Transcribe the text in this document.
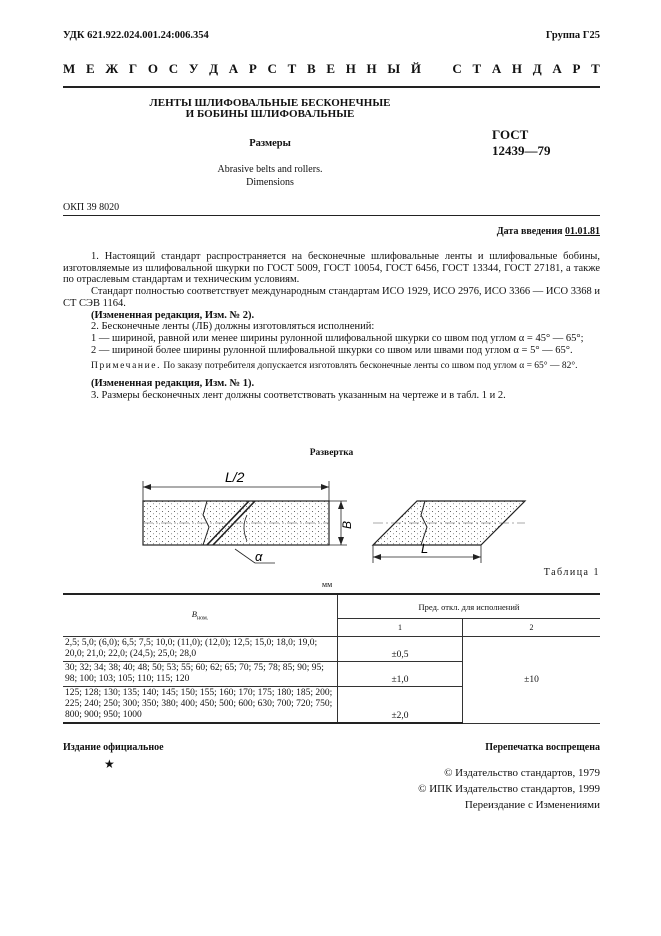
УДК 621.922.024.001.24:006.354	Группа Г25
М Е Ж Г О С У Д А Р С Т В Е Н Н Ы Й С Т А Н Д А Р Т
ЛЕНТЫ ШЛИФОВАЛЬНЫЕ БЕСКОНЕЧНЫЕ
И БОБИНЫ ШЛИФОВАЛЬНЫЕ
Размеры
Abrasive belts and rollers.
Dimensions
ГОСТ
12439—79
ОКП 39 8020
Дата введения 01.01.81

1. Настоящий стандарт распространяется на бесконечные шлифовальные ленты и шлифовальные бобины, изготовляемые из шлифовальной шкурки по ГОСТ 5009, ГОСТ 10054, ГОСТ 6456, ГОСТ 13344, ГОСТ 27181, а также по отраслевым стандартам и техническим условиям.

Стандарт полностью соответствует международным стандартам ИСО 1929, ИСО 2976, ИСО 3366 — ИСО 3368 и СТ СЭВ 1164.

(Измененная редакция, Изм. № 2).

2. Бесконечные ленты (ЛБ) должны изготовляться исполнений:

1 — шириной, равной или менее ширины рулонной шлифовальной шкурки со швом под углом α = 45° — 65°;

2 — шириной более ширины рулонной шлифовальной шкурки со швом или швами под углом α = 5° — 65°.

Примечание. По заказу потребителя допускается изготовлять бесконечные ленты со швом под углом α = 65° — 82°.

(Измененная редакция, Изм. № 1).

3. Размеры бесконечных лент должны соответствовать указанным на чертеже и в табл. 1 и 2.

Развертка
L/2
B
α
L
Таблица 1
мм
$B_{ном.}$	Пред. откл. для исполнений	
	1	2
2,5; 5,0; (6,0); 6,5; 7,5; 10,0; (11,0); (12,0); 12,5; 15,0; 18,0; 19,0; 20,0; 21,0; 22,0; (24,5); 25,0; 28,0	±0,5	±10
30; 32; 34; 38; 40; 48; 50; 53; 55; 60; 62; 65; 70; 75; 78; 85; 90; 95; 98; 100; 103; 105; 110; 115; 120	±1,0	
125; 128; 130; 135; 140; 145; 150; 155; 160; 170; 175; 180; 185; 200; 225; 240; 250; 300; 350; 380; 400; 450; 500; 600; 630; 700; 720; 750; 800; 900; 950; 1000	±2,0	
Издание официальное
★
Перепечатка воспрещена
© Издательство стандартов, 1979
© ИПК Издательство стандартов, 1999
Переиздание с Изменениями
